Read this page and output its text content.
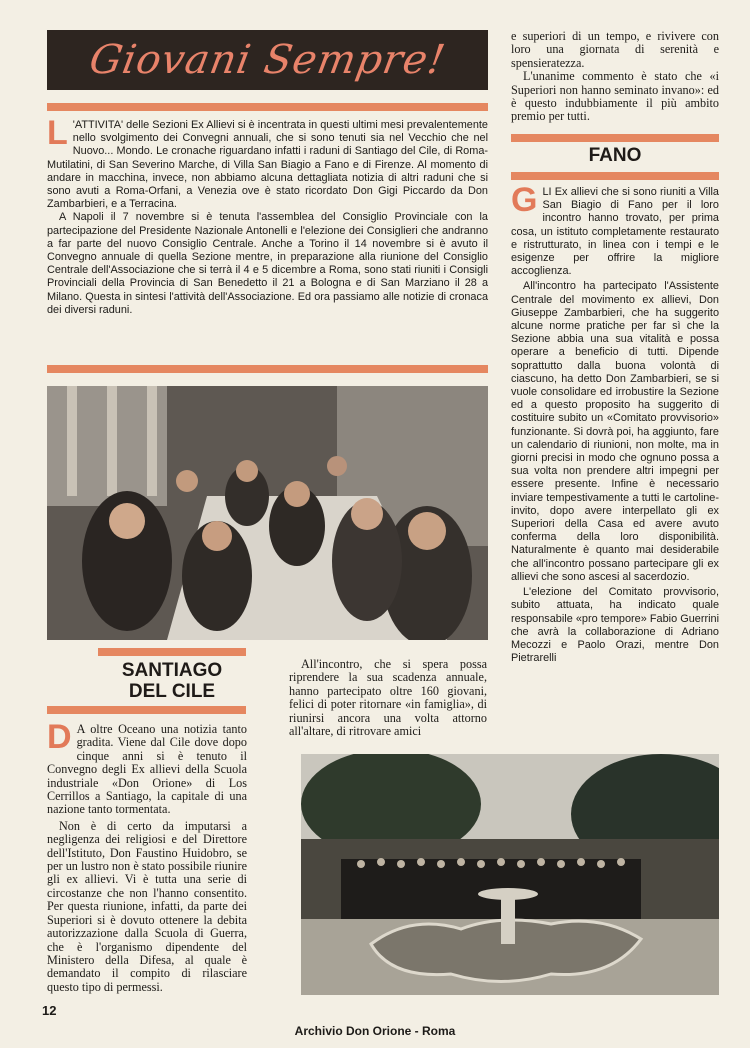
Giovani Sempre!

L 'ATTIVITA' delle Sezioni Ex Allievi si è incentrata in questi ultimi mesi prevalentemente nello svolgimento dei Convegni annuali, che si sono tenuti sia nel Vecchio che nel Nuovo... Mondo. Le cronache riguardano infatti i raduni di Santiago del Cile, di Roma-Mutilatini, di San Severino Marche, di Villa San Biagio a Fano e di Firenze. Al momento di andare in macchina, invece, non abbiamo alcuna dettagliata notizia di altri raduni che si sono avuti a Roma-Orfani, a Venezia ove è stato ricordato Don Gigi Piccardo da Don Zambarbieri, e a Terracina.

A Napoli il 7 novembre si è tenuta l'assemblea del Consiglio Provinciale con la partecipazione del Presidente Nazionale Antonelli e l'elezione dei Consiglieri che andranno a far parte del nuovo Consiglio Centrale. Anche a Torino il 14 novembre si è avuto il Convegno annuale di quella Sezione mentre, in preparazione alla riunione del Consiglio Centrale dell'Associazione che si terrà il 4 e 5 dicembre a Roma, sono stati riuniti i Consigli Provinciali della Provincia di San Benedetto il 21 a Bologna e di San Marziano il 28 a Milano. Questa in sintesi l'attività dell'Associazione. Ed ora passiamo alle notizie di cronaca dei diversi raduni.

SANTIAGO
DEL CILE

D A oltre Oceano una notizia tanto gradita. Viene dal Cile dove dopo cinque anni si è tenuto il Convegno degli Ex allievi della Scuola industriale «Don Orione» di Los Cerrillos a Santiago, la capitale di una nazione tanto tormentata.

Non è di certo da imputarsi a negligenza dei religiosi e del Direttore dell'Istituto, Don Faustino Huidobro, se per un lustro non è stato possibile riunire gli ex allievi. Vi è tutta una serie di circostanze che non l'hanno consentito. Per questa riunione, infatti, da parte dei Superiori si è dovuto ottenere la debita autorizzazione dalla Scuola di Guerra, che è l'organismo dipendente del Ministero della Difesa, al quale è demandato il compito di rilasciare questo tipo di permessi.

All'incontro, che si spera possa riprendere la sua scadenza annuale, hanno partecipato oltre 160 giovani, felici di poter ritornare «in famiglia», di riunirsi ancora una volta attorno all'altare, di ritrovare amici

e superiori di un tempo, e rivivere con loro una giornata di serenità e spensieratezza.

L'unanime commento è stato che «i Superiori non hanno seminato invano»: ed è questo indubbiamente il più ambito premio per tutti.

FANO

GLI Ex allievi che si sono riuniti a Villa San Biagio di Fano per il loro incontro hanno trovato, per prima cosa, un istituto completamente restaurato e ristrutturato, in linea con i tempi e le esigenze per offrire la migliore accoglienza.

All'incontro ha partecipato l'Assistente Centrale del movimento ex allievi, Don Giuseppe Zambarbieri, che ha suggerito alcune norme pratiche per far sì che la Sezione abbia una sua vitalità e possa operare a beneficio di tutti. Dipende soprattutto dalla buona volontà di ciascuno, ha detto Don Zambarbieri, se si vuole consolidare ed irrobustire la Sezione ed a questo proposito ha suggerito di costituire subito un «Comitato provvisorio» funzionante. Si dovrà poi, ha aggiunto, fare un calendario di riunioni, non molte, ma in giorni precisi in modo che ognuno possa a sua volta non prendere altri impegni per essere presente. Infine è necessario inviare tempestivamente a tutti le cartoline-invito, dopo avere interpellato gli ex Superiori della Casa ed avere avuto conferma della loro disponibilità. Naturalmente è quanto mai desiderabile che all'incontro possano partecipare gli ex allievi che sono ascesi al sacerdozio.

L'elezione del Comitato provvisorio, subito attuata, ha indicato quale responsabile «pro tempore» Fabio Guerrini che avrà la collaborazione di Adriano Mecozzi e Paolo Orazi, mentre Don Pietrarelli

12
Archivio Don Orione - Roma
